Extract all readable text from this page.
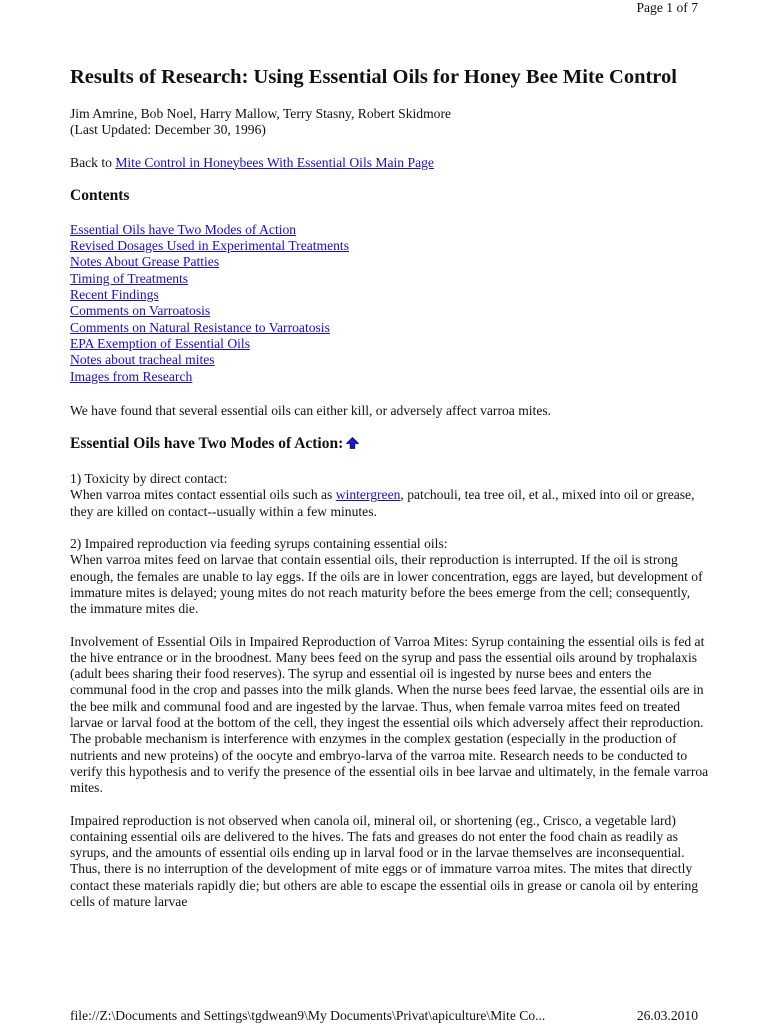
Page 1 of 7
Results of Research: Using Essential Oils for Honey Bee Mite Control
Jim Amrine, Bob Noel, Harry Mallow, Terry Stasny, Robert Skidmore
(Last Updated: December 30, 1996)
Back to Mite Control in Honeybees With Essential Oils Main Page
Contents
Essential Oils have Two Modes of Action
Revised Dosages Used in Experimental Treatments
Notes About Grease Patties
Timing of Treatments
Recent Findings
Comments on Varroatosis
Comments on Natural Resistance to Varroatosis
EPA Exemption of Essential Oils
Notes about tracheal mites
Images from Research

We have found that several essential oils can either kill, or adversely affect varroa mites.

Essential Oils have Two Modes of Action:

1) Toxicity by direct contact:
When varroa mites contact essential oils such as wintergreen, patchouli, tea tree oil, et al., mixed into oil or grease, they are killed on contact--usually within a few minutes.

2) Impaired reproduction via feeding syrups containing essential oils:
When varroa mites feed on larvae that contain essential oils, their reproduction is interrupted. If the oil is strong enough, the females are unable to lay eggs. If the oils are in lower concentration, eggs are layed, but development of immature mites is delayed; young mites do not reach maturity before the bees emerge from the cell; consequently, the immature mites die.

Involvement of Essential Oils in Impaired Reproduction of Varroa Mites: Syrup containing the essential oils is fed at the hive entrance or in the broodnest. Many bees feed on the syrup and pass the essential oils around by trophalaxis (adult bees sharing their food reserves). The syrup and essential oil is ingested by nurse bees and enters the communal food in the crop and passes into the milk glands. When the nurse bees feed larvae, the essential oils are in the bee milk and communal food and are ingested by the larvae. Thus, when female varroa mites feed on treated larvae or larval food at the bottom of the cell, they ingest the essential oils which adversely affect their reproduction. The probable mechanism is interference with enzymes in the complex gestation (especially in the production of nutrients and new proteins) of the oocyte and embryo-larva of the varroa mite. Research needs to be conducted to verify this hypothesis and to verify the presence of the essential oils in bee larvae and ultimately, in the female varroa mites.

Impaired reproduction is not observed when canola oil, mineral oil, or shortening (eg., Crisco, a vegetable lard) containing essential oils are delivered to the hives. The fats and greases do not enter the food chain as readily as syrups, and the amounts of essential oils ending up in larval food or in the larvae themselves are inconsequential. Thus, there is no interruption of the development of mite eggs or of immature varroa mites. The mites that directly contact these materials rapidly die; but others are able to escape the essential oils in grease or canola oil by entering cells of mature larvae

file://Z:\Documents and Settings\tgdwean9\My Documents\Privat\apiculture\Mite Co...	26.03.2010
